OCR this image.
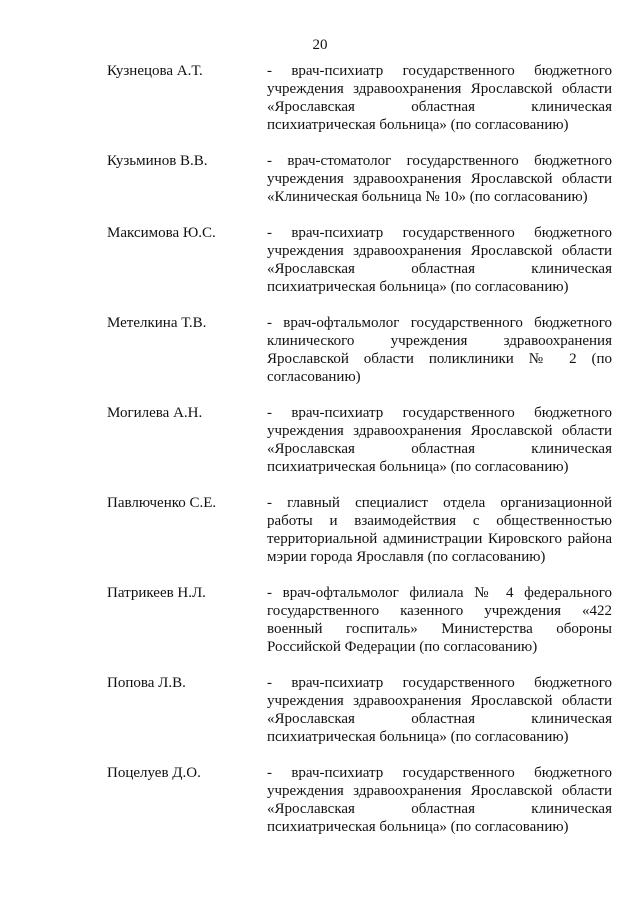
20
Кузнецова А.Т.	- врач-психиатр государственного бюджетного учреждения здравоохранения Ярославской области «Ярославская областная клиническая психиатрическая больница» (по согласованию)
Кузьминов В.В.	- врач-стоматолог государственного бюджетного учреждения здравоохранения Ярославской области «Клиническая больница № 10» (по согласованию)
Максимова Ю.С.	- врач-психиатр государственного бюджетного учреждения здравоохранения Ярославской области «Ярославская областная клиническая психиатрическая больница» (по согласованию)
Метелкина Т.В.	- врач-офтальмолог государственного бюджетного клинического учреждения здравоохранения Ярославской области поликлиники № 2 (по согласованию)
Могилева А.Н.	- врач-психиатр государственного бюджетного учреждения здравоохранения Ярославской области «Ярославская областная клиническая психиатрическая больница» (по согласованию)
Павлюченко С.Е.	- главный специалист отдела организационной работы и взаимодействия с общественностью территориальной администрации Кировского района мэрии города Ярославля (по согласованию)
Патрикеев Н.Л.	- врач-офтальмолог филиала № 4 федерального государственного казенного учреждения «422 военный госпиталь» Министерства обороны Российской Федерации (по согласованию)
Попова Л.В.	- врач-психиатр государственного бюджетного учреждения здравоохранения Ярославской области «Ярославская областная клиническая психиатрическая больница» (по согласованию)
Поцелуев Д.О.	- врач-психиатр государственного бюджетного учреждения здравоохранения Ярославской области «Ярославская областная клиническая психиатрическая больница» (по согласованию)
